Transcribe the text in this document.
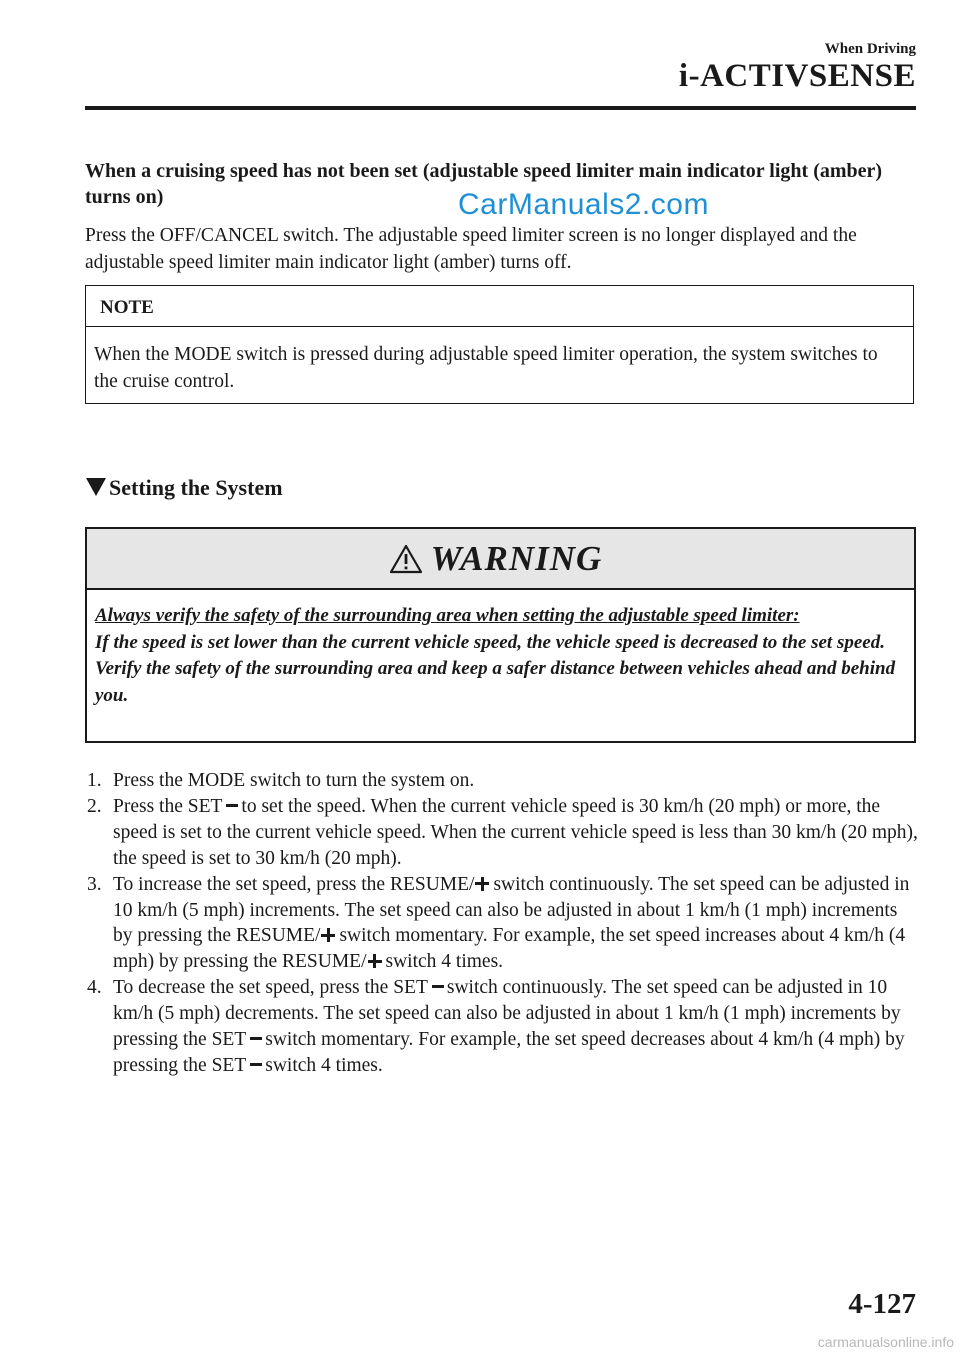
When Driving
i-ACTIVSENSE
When a cruising speed has not been set (adjustable speed limiter main indicator light (amber) turns on)	CarManuals2.com
Press the OFF/CANCEL switch. The adjustable speed limiter screen is no longer displayed and the adjustable speed limiter main indicator light (amber) turns off.
NOTE
When the MODE switch is pressed during adjustable speed limiter operation, the system switches to the cruise control.
Setting the System
WARNING
Always verify the safety of the surrounding area when setting the adjustable speed limiter:
If the speed is set lower than the current vehicle speed, the vehicle speed is decreased to the set speed. Verify the safety of the surrounding area and keep a safer distance between vehicles ahead and behind you.
1. Press the MODE switch to turn the system on.
2. Press the SET to set the speed. When the current vehicle speed is 30 km/h (20 mph) or more, the speed is set to the current vehicle speed. When the current vehicle speed is less than 30 km/h (20 mph), the speed is set to 30 km/h (20 mph).
3. To increase the set speed, press the RESUME/ switch continuously. The set speed can be adjusted in 10 km/h (5 mph) increments. The set speed can also be adjusted in about 1 km/h (1 mph) increments by pressing the RESUME/ switch momentary. For example, the set speed increases about 4 km/h (4 mph) by pressing the RESUME/ switch 4 times.
4. To decrease the set speed, press the SET switch continuously. The set speed can be adjusted in 10 km/h (5 mph) decrements. The set speed can also be adjusted in about 1 km/h (1 mph) increments by pressing the SET switch momentary. For example, the set speed decreases about 4 km/h (4 mph) by pressing the SET switch 4 times.
4-127
carmanualsonline.info
